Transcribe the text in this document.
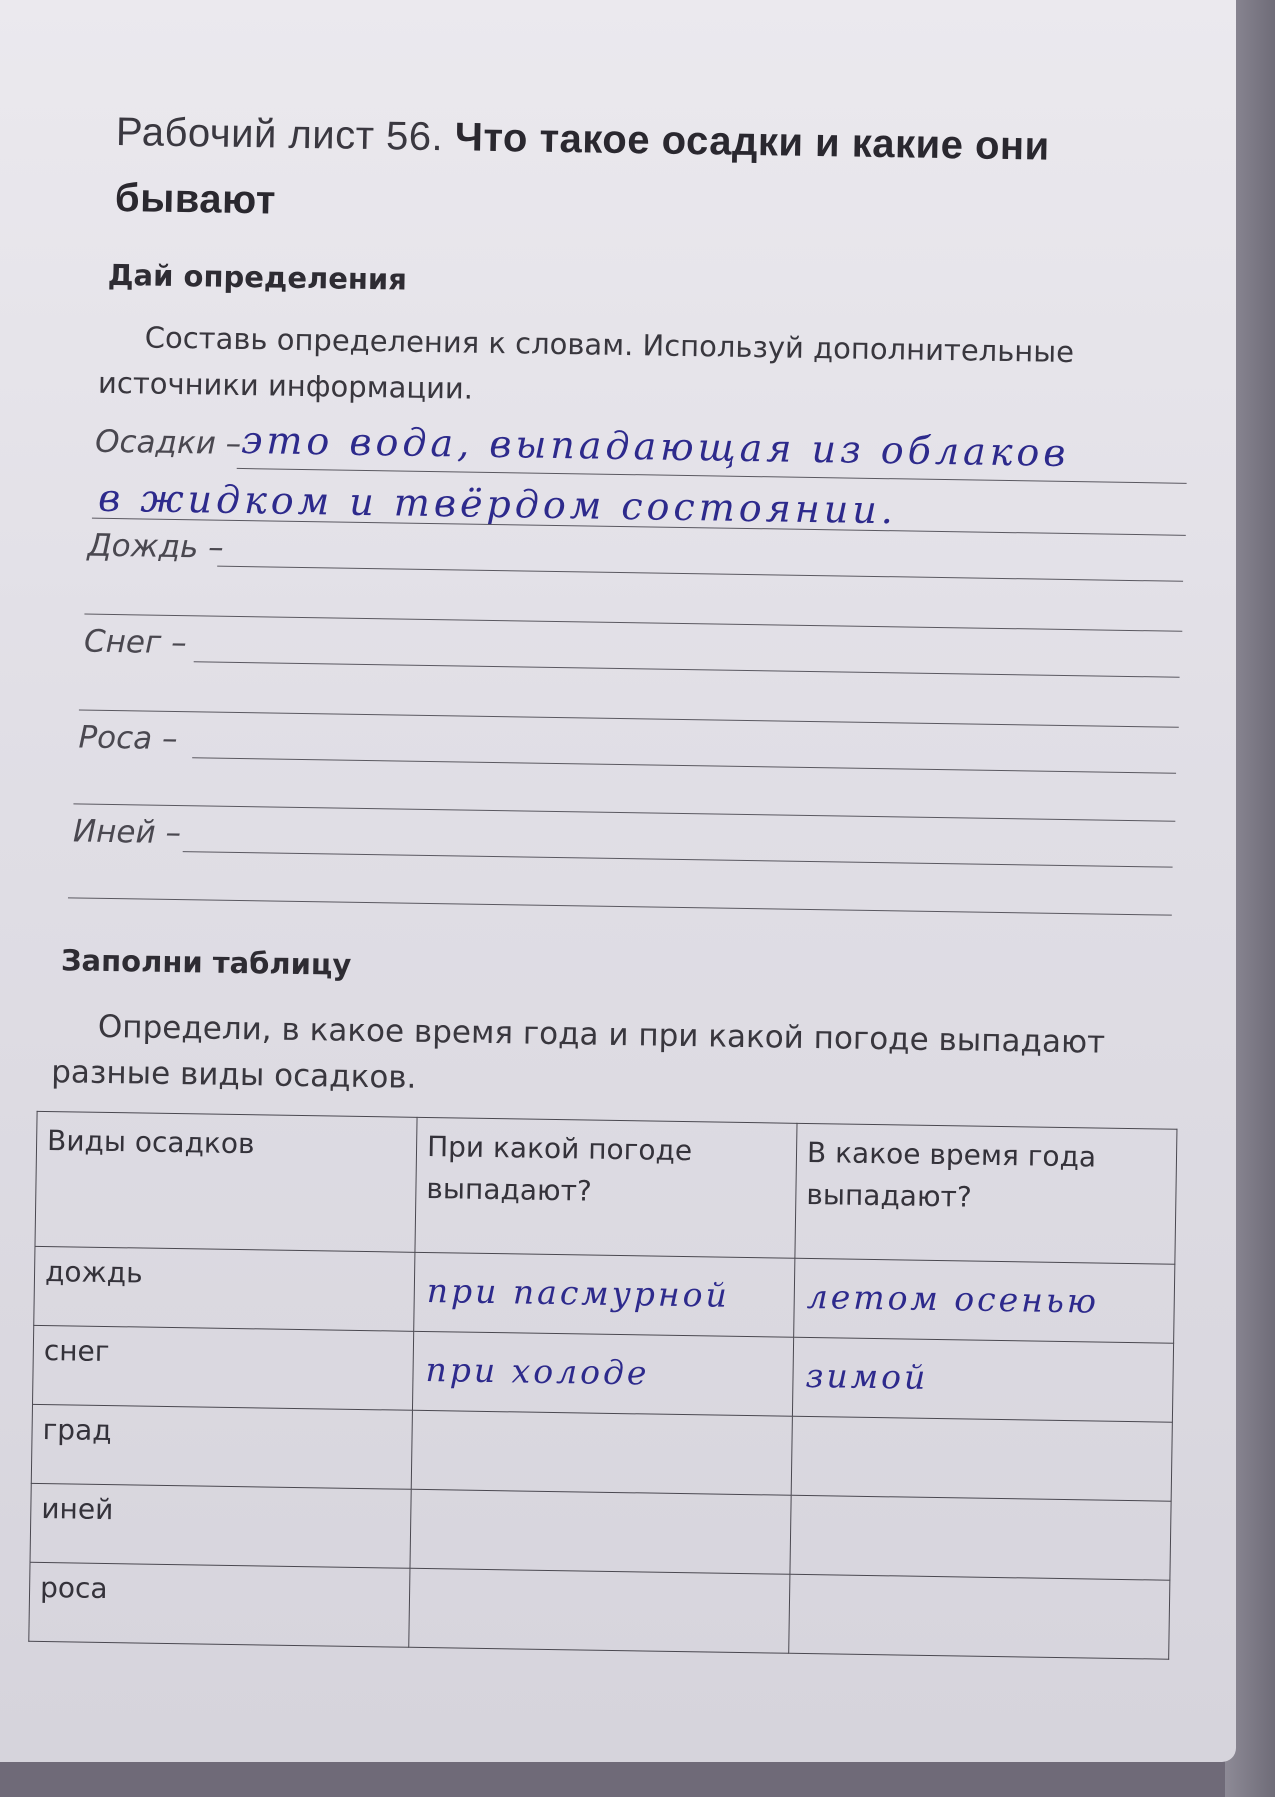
Рабочий лист 56. Что такое осадки и какие они
бывают
Дай определения
Составь определения к словам. Используй дополнительные
источники информации.
Осадки – это вода, выпадающая из облаков
в жидком и твёрдом состоянии.
Дождь –
Снег –
Роса –
Иней –
Заполни таблицу
Определи, в какое время года и при какой погоде выпадают
разные виды осадков.
Виды осадков	При какой погоде выпадают?	В какое время года выпадают?
дождь	при пасмурной	летом осенью

снег	при холоде	зимой

град	

иней	

роса	
